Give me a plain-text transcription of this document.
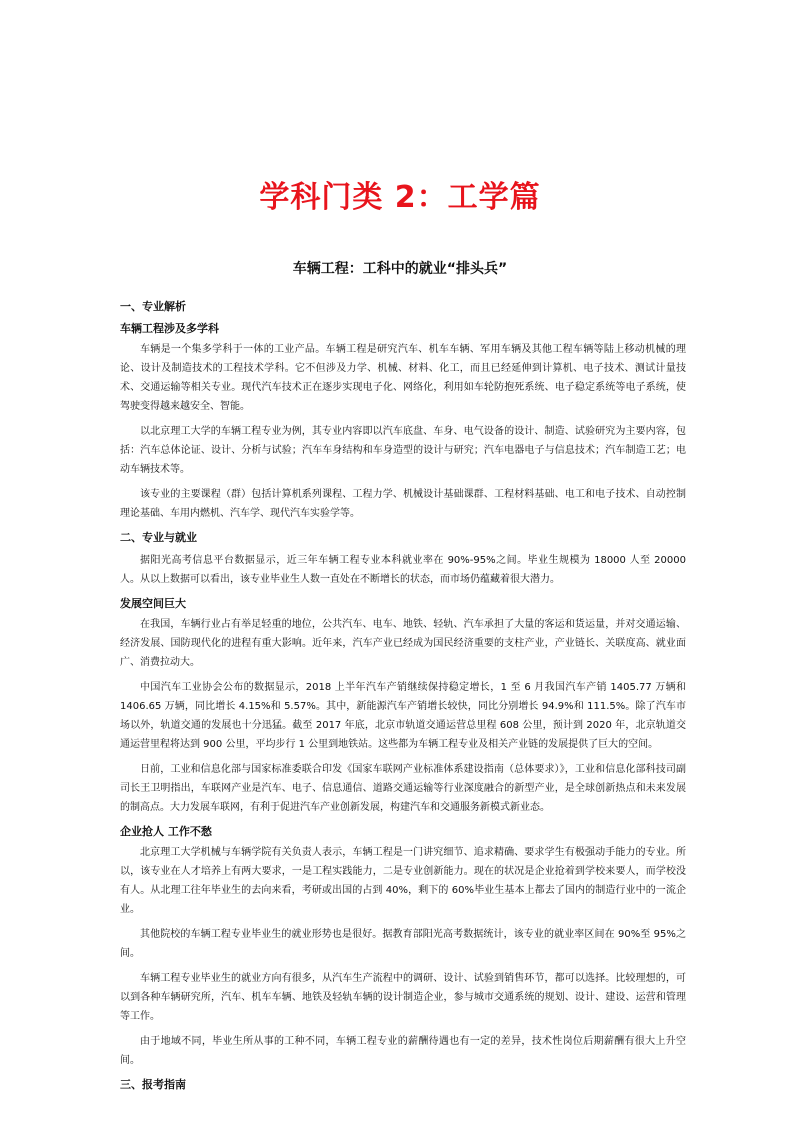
学科门类 2：工学篇
车辆工程：工科中的就业“排头兵”
一、专业解析
车辆工程涉及多学科

车辆是一个集多学科于一体的工业产品。车辆工程是研究汽车、机车车辆、军用车辆及其他工程车辆等陆上移动机械的理论、设计及制造技术的工程技术学科。它不但涉及力学、机械、材料、化工，而且已经延伸到计算机、电子技术、测试计量技术、交通运输等相关专业。现代汽车技术正在逐步实现电子化、网络化，利用如车轮防抱死系统、电子稳定系统等电子系统，使驾驶变得越来越安全、智能。

以北京理工大学的车辆工程专业为例，其专业内容即以汽车底盘、车身、电气设备的设计、制造、试验研究为主要内容，包括：汽车总体论证、设计、分析与试验；汽车车身结构和车身造型的设计与研究；汽车电器电子与信息技术；汽车制造工艺；电动车辆技术等。

该专业的主要课程（群）包括计算机系列课程、工程力学、机械设计基础课群、工程材料基础、电工和电子技术、自动控制理论基础、车用内燃机、汽车学、现代汽车实验学等。

二、专业与就业

据阳光高考信息平台数据显示，近三年车辆工程专业本科就业率在 90%-95%之间。毕业生规模为 18000 人至 20000 人。从以上数据可以看出，该专业毕业生人数一直处在不断增长的状态，而市场仍蕴藏着很大潜力。

发展空间巨大

在我国，车辆行业占有举足轻重的地位，公共汽车、电车、地铁、轻轨、汽车承担了大量的客运和货运量，并对交通运输、经济发展、国防现代化的进程有重大影响。近年来，汽车产业已经成为国民经济重要的支柱产业，产业链长、关联度高、就业面广、消费拉动大。

中国汽车工业协会公布的数据显示，2018 上半年汽车产销继续保持稳定增长，1 至 6 月我国汽车产销 1405.77 万辆和 1406.65 万辆，同比增长 4.15%和 5.57%。其中，新能源汽车产销增长较快，同比分别增长 94.9%和 111.5%。除了汽车市场以外，轨道交通的发展也十分迅猛。截至 2017 年底，北京市轨道交通运营总里程 608 公里，预计到 2020 年，北京轨道交通运营里程将达到 900 公里，平均步行 1 公里到地铁站。这些都为车辆工程专业及相关产业链的发展提供了巨大的空间。

日前，工业和信息化部与国家标准委联合印发《国家车联网产业标准体系建设指南（总体要求）》，工业和信息化部科技司副司长王卫明指出，车联网产业是汽车、电子、信息通信、道路交通运输等行业深度融合的新型产业，是全球创新热点和未来发展的制高点。大力发展车联网，有利于促进汽车产业创新发展，构建汽车和交通服务新模式新业态。

企业抢人 工作不愁

北京理工大学机械与车辆学院有关负责人表示，车辆工程是一门讲究细节、追求精确、要求学生有极强动手能力的专业。所以，该专业在人才培养上有两大要求，一是工程实践能力，二是专业创新能力。现在的状况是企业抢着到学校来要人，而学校没有人。从北理工往年毕业生的去向来看，考研或出国的占到 40%，剩下的 60%毕业生基本上都去了国内的制造行业中的一流企业。

其他院校的车辆工程专业毕业生的就业形势也是很好。据教育部阳光高考数据统计，该专业的就业率区间在 90%至 95%之间。

车辆工程专业毕业生的就业方向有很多，从汽车生产流程中的调研、设计、试验到销售环节，都可以选择。比较理想的，可以到各种车辆研究所，汽车、机车车辆、地铁及轻轨车辆的设计制造企业，参与城市交通系统的规划、设计、建设、运营和管理等工作。

由于地域不同，毕业生所从事的工种不同，车辆工程专业的薪酬待遇也有一定的差异，技术性岗位后期薪酬有很大上升空间。

三、报考指南
